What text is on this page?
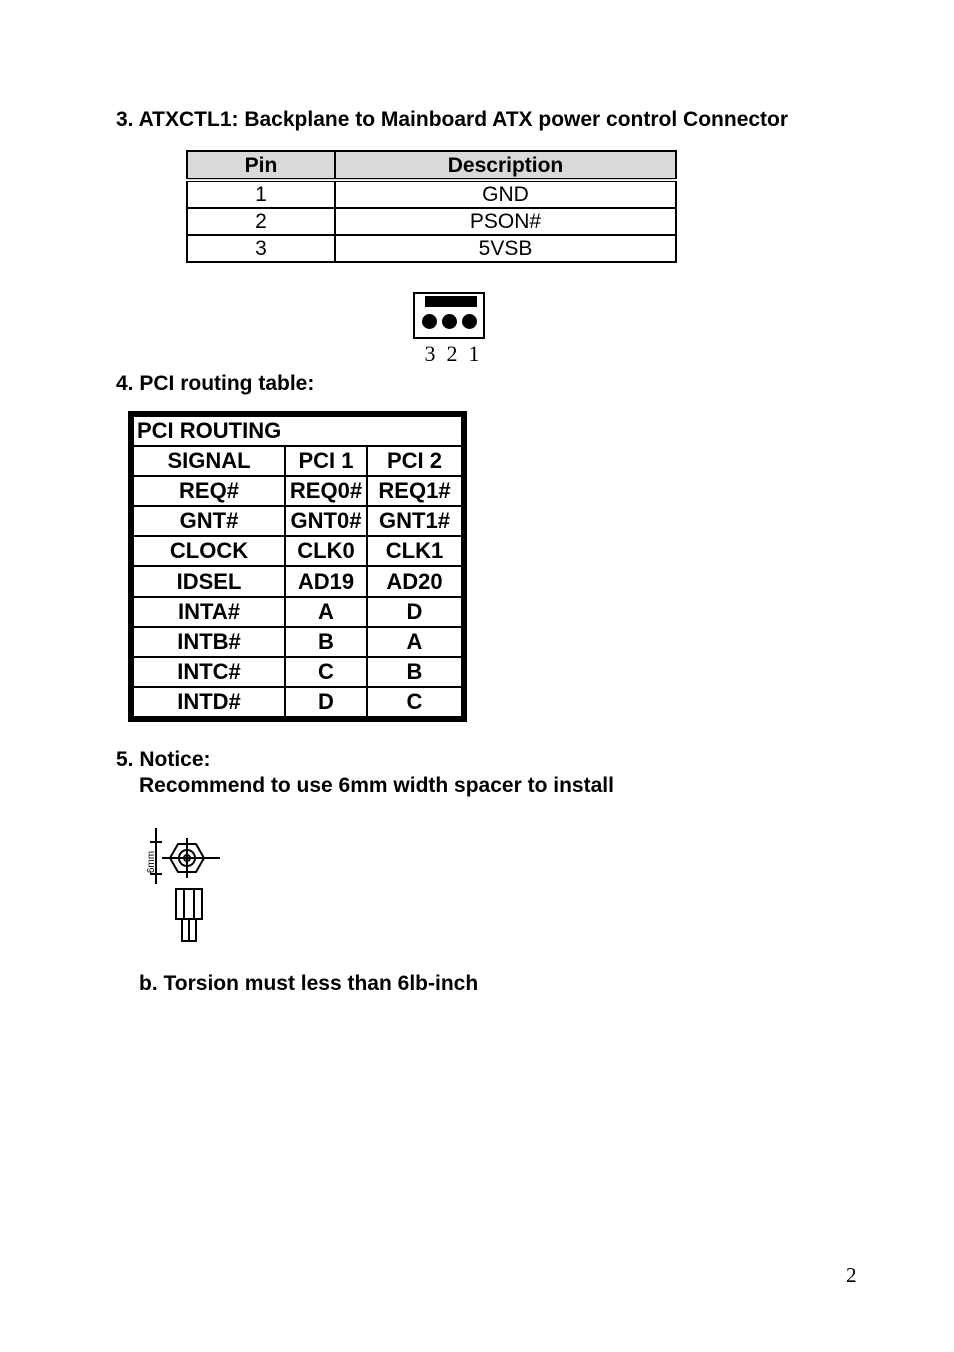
3. ATXCTL1: Backplane to Mainboard ATX power control Connector
Pin	Description
1	GND
2	PSON#
3	5VSB
3 2 1
4. PCI routing table:
PCI ROUTING		
SIGNAL	PCI 1	PCI 2
REQ#	REQ0#	REQ1#
GNT#	GNT0#	GNT1#
CLOCK	CLK0	CLK1
IDSEL	AD19	AD20
INTA#	A	D
INTB#	B	A
INTC#	C	B
INTD#	D	C
5. Notice:

Recommend to use 6mm width spacer to install

6mm

b. Torsion must less than 6lb-inch

2
